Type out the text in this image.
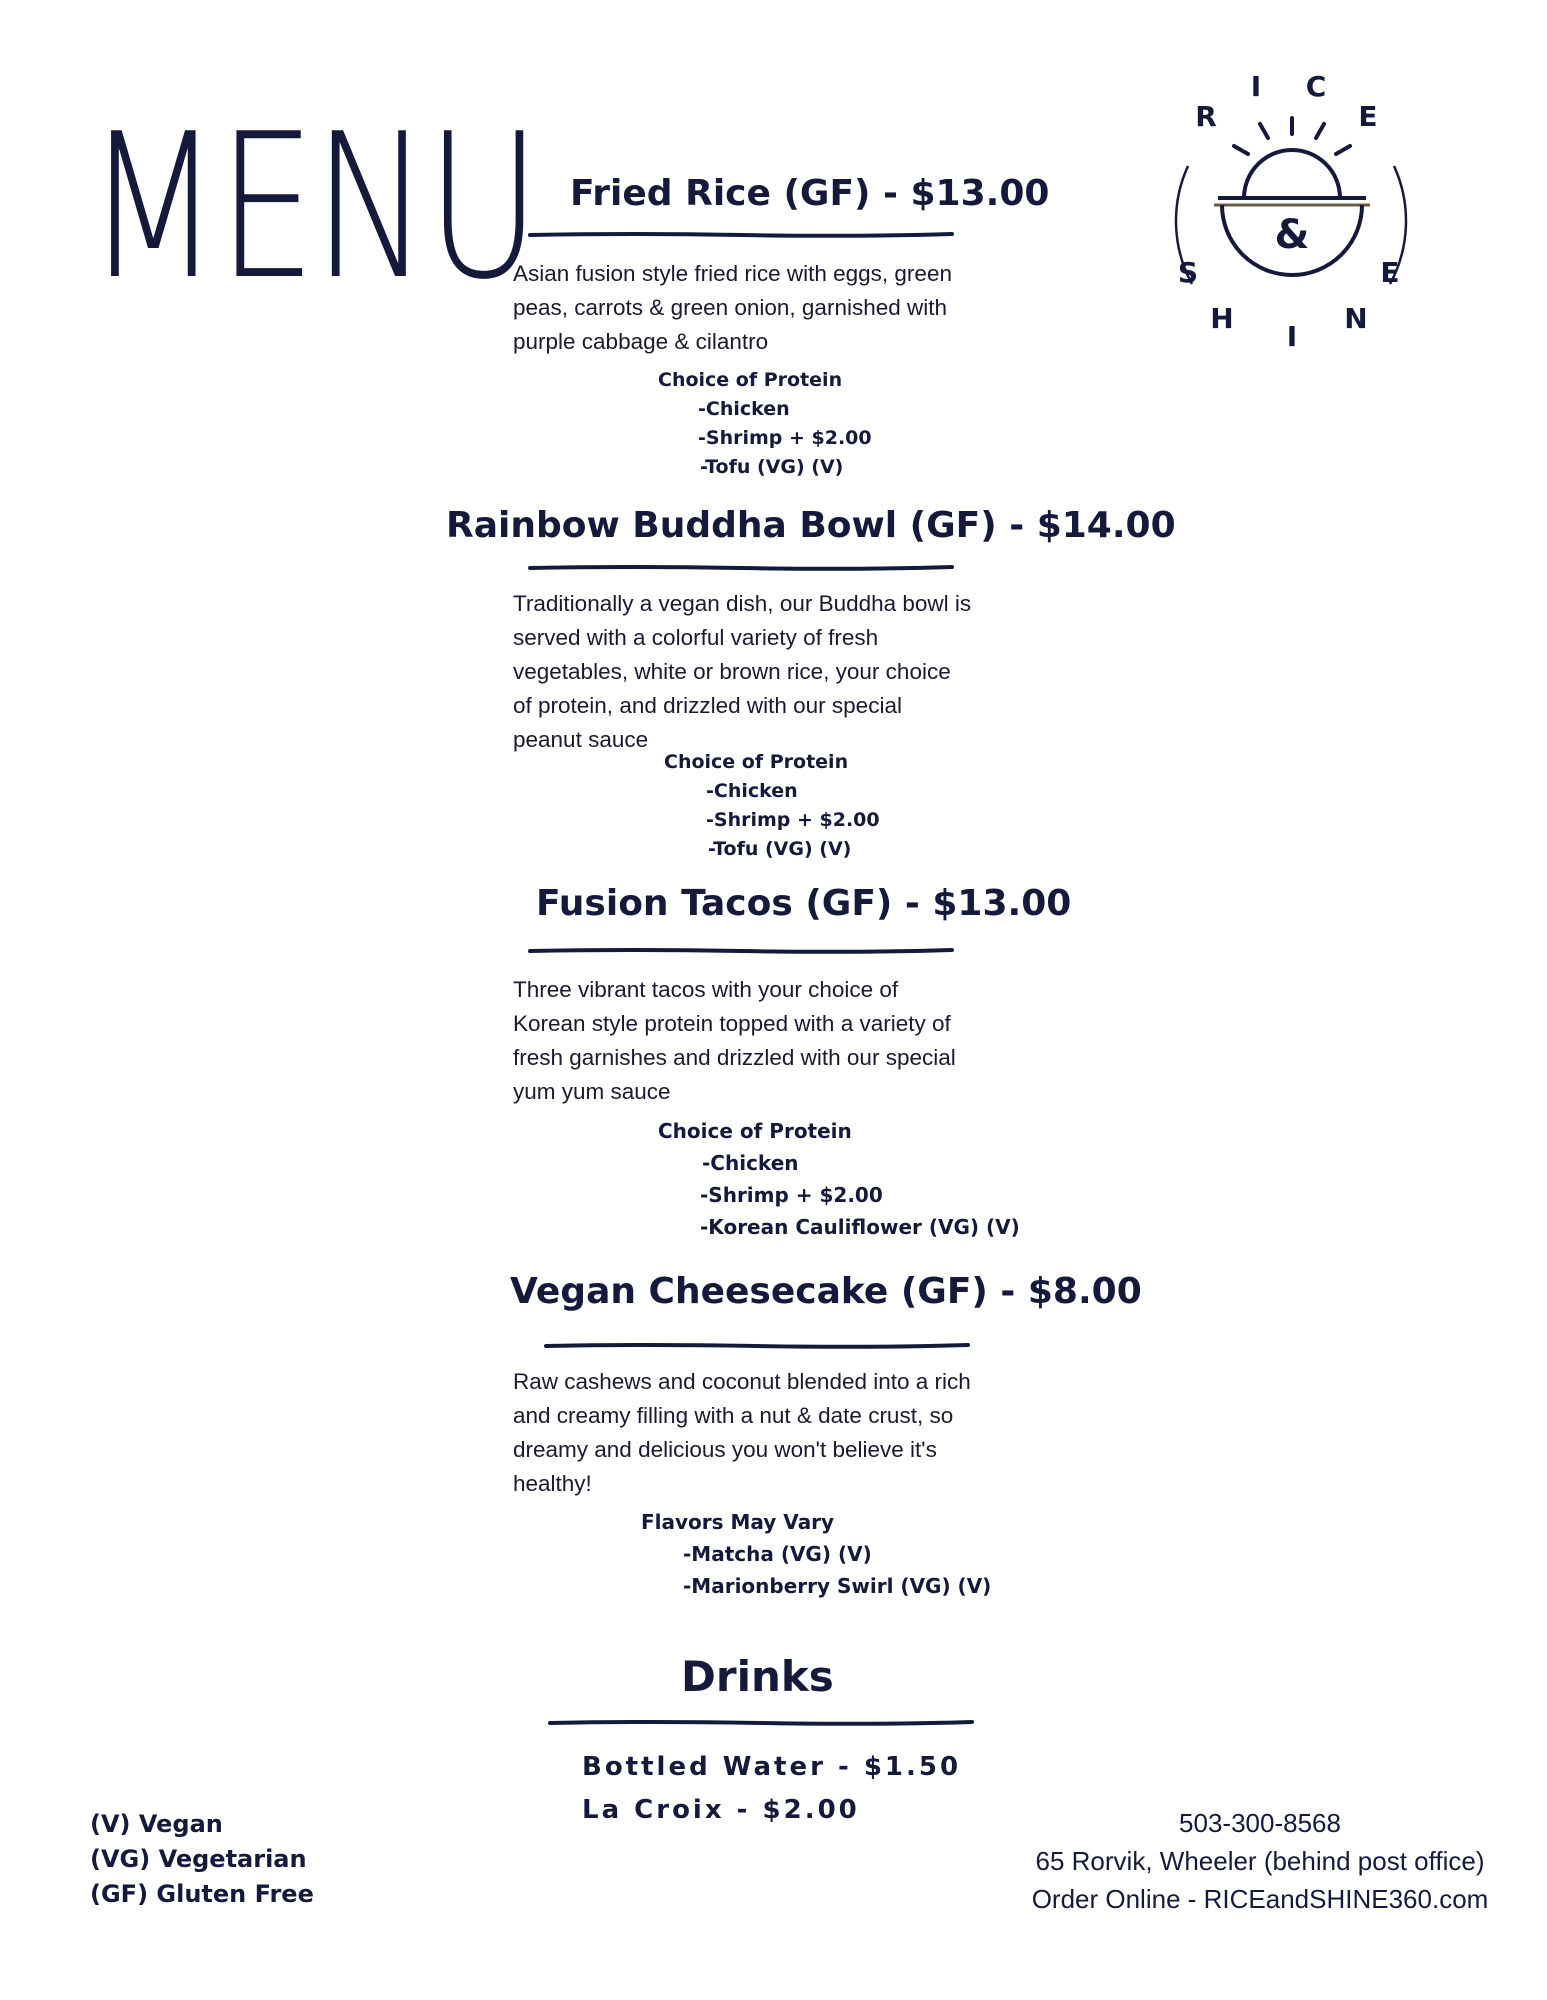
MENU	R
I C
E
&
S
H
I
N
E
Fried Rice (GF) - $13.00

Asian fusion style fried rice with eggs, green

peas, carrots & green onion, garnished with

purple cabbage & cilantro

Choice of Protein
-Chicken
-Shrimp + $2.00
-Tofu (VG) (V)
Rainbow Buddha Bowl (GF) - $14.00

Traditionally a vegan dish, our Buddha bowl is

served with a colorful variety of fresh

vegetables, white or brown rice, your choice

of protein, and drizzled with our special

peanut sauce

Choice of Protein
-Chicken
-Shrimp + $2.00
-Tofu (VG) (V)
Fusion Tacos (GF) - $13.00

Three vibrant tacos with your choice of

Korean style protein topped with a variety of

fresh garnishes and drizzled with our special

yum yum sauce

Choice of Protein
-Chicken
-Shrimp + $2.00
-Korean Cauliflower (VG) (V)
Vegan Cheesecake (GF) - $8.00

Raw cashews and coconut blended into a rich

and creamy filling with a nut & date crust, so

dreamy and delicious you won't believe it's

healthy!

Flavors May Vary
-Matcha (VG) (V)
-Marionberry Swirl (VG) (V)
Drinks
Bottled Water - $1.50
La Croix - $2.00
(V) Vegan
(VG) Vegetarian
(GF) Gluten Free
503-300-8568
65 Rorvik, Wheeler (behind post office)
Order Online - RICEandSHINE360.com
